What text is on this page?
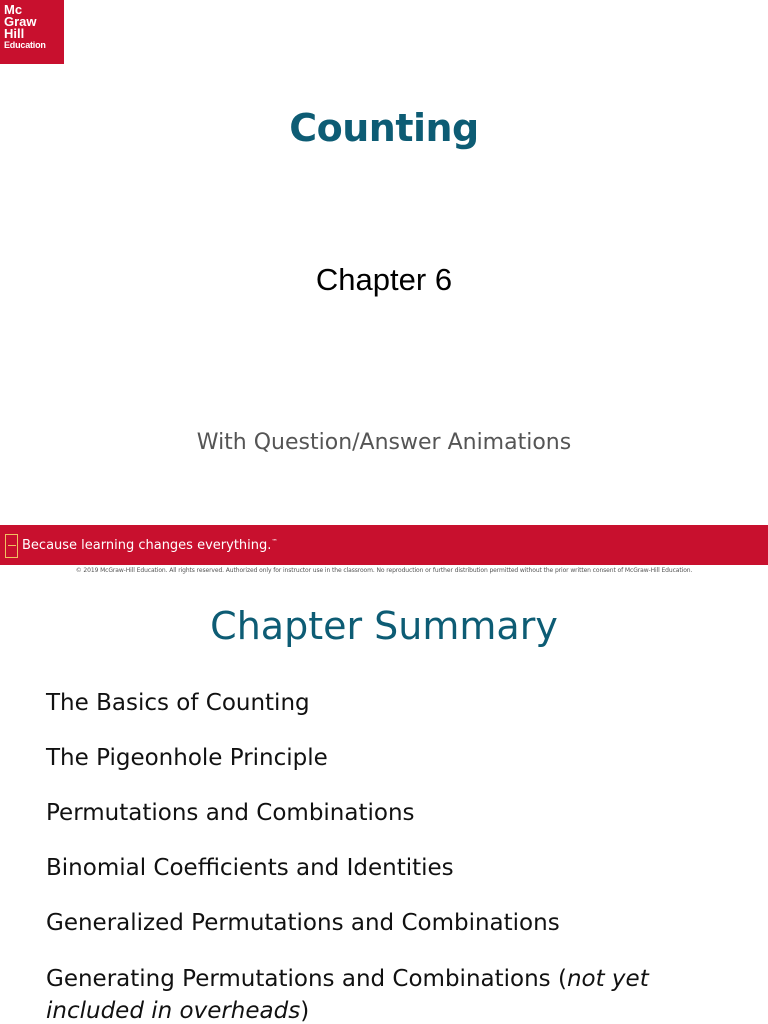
Mc
Graw
Hill
Education
Counting
Chapter 6
With Question/Answer Animations
Because learning changes everything.™
© 2019 McGraw-Hill Education. All rights reserved. Authorized only for instructor use in the classroom. No reproduction or further distribution permitted without the prior written consent of McGraw-Hill Education.
Chapter Summary
The Basics of Counting
The Pigeonhole Principle
Permutations and Combinations
Binomial Coefficients and Identities
Generalized Permutations and Combinations
Generating Permutations and Combinations (not yet included in overheads)
